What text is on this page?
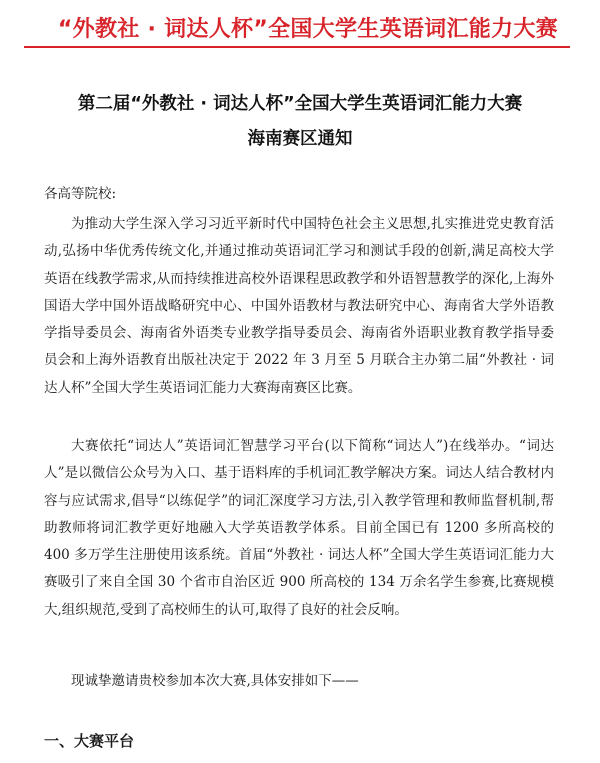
“外教社 · 词达人杯”全国大学生英语词汇能力大赛
第二届“外教社 · 词达人杯”全国大学生英语词汇能力大赛
海南赛区通知

各高等院校:

为推动大学生深入学习习近平新时代中国特色社会主义思想,扎实推进党史教育活动,弘扬中华优秀传统文化,并通过推动英语词汇学习和测试手段的创新,满足高校大学英语在线教学需求,从而持续推进高校外语课程思政教学和外语智慧教学的深化,上海外国语大学中国外语战略研究中心、中国外语教材与教法研究中心、海南省大学外语教学指导委员会、海南省外语类专业教学指导委员会、海南省外语职业教育教学指导委员会和上海外语教育出版社决定于 2022 年 3 月至 5 月联合主办第二届“外教社 · 词达人杯”全国大学生英语词汇能力大赛海南赛区比赛。

大赛依托“词达人”英语词汇智慧学习平台(以下简称“词达人”)在线举办。“词达人”是以微信公众号为入口、基于语料库的手机词汇教学解决方案。词达人结合教材内容与应试需求,倡导“以练促学”的词汇深度学习方法,引入教学管理和教师监督机制,帮助教师将词汇教学更好地融入大学英语教学体系。目前全国已有 1200 多所高校的 400 多万学生注册使用该系统。首届“外教社 · 词达人杯”全国大学生英语词汇能力大赛吸引了来自全国 30 个省市自治区近 900 所高校的 134 万余名学生参赛,比赛规模大,组织规范,受到了高校师生的认可,取得了良好的社会反响。

现诚挚邀请贵校参加本次大赛,具体安排如下——

一、大赛平台
